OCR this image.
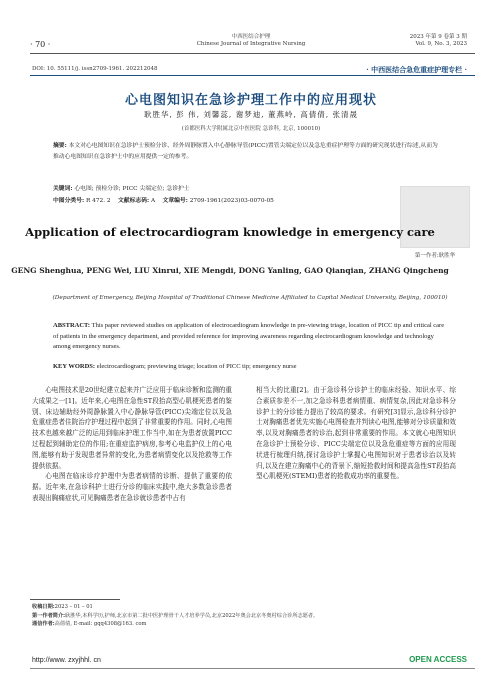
· 70 ·
中西医结合护理
Chinese Journal of Integrative Nursing
2023 年第 9 卷第 3 期
Vol. 9, No. 3, 2023
DOI: 10. 55111/j. issn2709-1961. 202212048	· 中西医结合急危重症护理专栏 ·
心电图知识在急诊护理工作中的应用现状
耿胜华, 彭 伟, 刘馨蕊, 谢梦迪, 董燕岭, 高倩倩, 张清晟
(首都医科大学附属北京中医医院 急诊科, 北京, 100010)
摘要: 本文对心电图知识在急诊护士预检分诊、经外周静脉置入中心静脉导管(PICC)置管尖端定位以及急危重症护理等方面的研究现状进行综述,从而为推动心电图知识在急诊护士中的应用提供一定的参考。
关键词: 心电图; 预检分诊; PICC 尖端定位; 急诊护士
中图分类号: R 472. 2 文献标志码: A 文章编号: 2709-1961(2023)03-0070-05
第一作者:耿胜华
Application of electrocardiogram knowledge in emergency care
GENG Shenghua, PENG Wei, LIU Xinrui, XIE Mengdi, DONG Yanling, GAO Qianqian, ZHANG Qingcheng
(Department of Emergency, Beijing Hospital of Traditional Chinese Medicine Affiliated to Capital Medical University, Beijing, 100010)
ABSTRACT: This paper reviewed studies on application of electrocardiogram knowledge in pre-viewing triage, location of PICC tip and critical care of patients in the emergency department, and provided reference for improving awareness regarding electrocardiogram knowledge and technology among emergency nurses.
KEY WORDS: electrocardiogram; previewing triage; location of PICC tip; emergency nurse

心电图技术是20世纪建立起来并广泛应用于临床诊断和监测的重大成果之一[1]。近年来,心电图在急性ST段抬高型心肌梗死患者的鉴别、床边辅助经外周静脉置入中心静脉导管(PICC)尖端定位以及急危重症患者住院治疗护理过程中起到了非常重要的作用。同时,心电图技术也越来越广泛的运用到临床护理工作当中,如在为患者放置PICC过程起到辅助定位的作用;在重症监护病房,参考心电监护仪上的心电图,能够有助于发现患者异常的变化,为患者病情变化以及抢救等工作提供依据。

心电图在临床诊疗护理中为患者病情的诊断、提供了重要的依据。近年来,在急诊科护士进行分诊的临床实践中,绝大多数急诊患者表现出胸痛症状,可见胸痛患者在急诊就诊患者中占有

相当大的比重[2]。由于急诊科分诊护士的临床经验、知识水平、综合素质参差不一,加之急诊科患者病情重、病情复杂,因此对急诊科分诊护士的分诊能力提出了较高的要求。有研究[3]显示,急诊科分诊护士对胸痛患者优先实施心电图检查并判读心电图,能够对分诊质量和效率,以及对胸痛患者的诊治,起到非常重要的作用。本文就心电图知识在急诊护士预检分诊、PICC尖端定位以及急危重症等方面的应用现状进行梳理归纳,探讨急诊护士掌握心电图知识对于患者诊治以及转归,以及在建立胸痛中心的背景下,缩短抢救时间和提高急性ST段抬高型心肌梗死(STEMI)患者的抢救成功率的重要性。

收稿日期:2023 – 01 – 01
第一作者简介:耿胜华,本科学历,护师,北京市第二批中医护理骨干人才培养学员,北京2022年奥会北京冬奥村综合诊所志愿者。
通信作者:高倩倩, E-mail: gqq4308@163. com
http://www. zxyjhhl. cn	OPEN ACCESS
